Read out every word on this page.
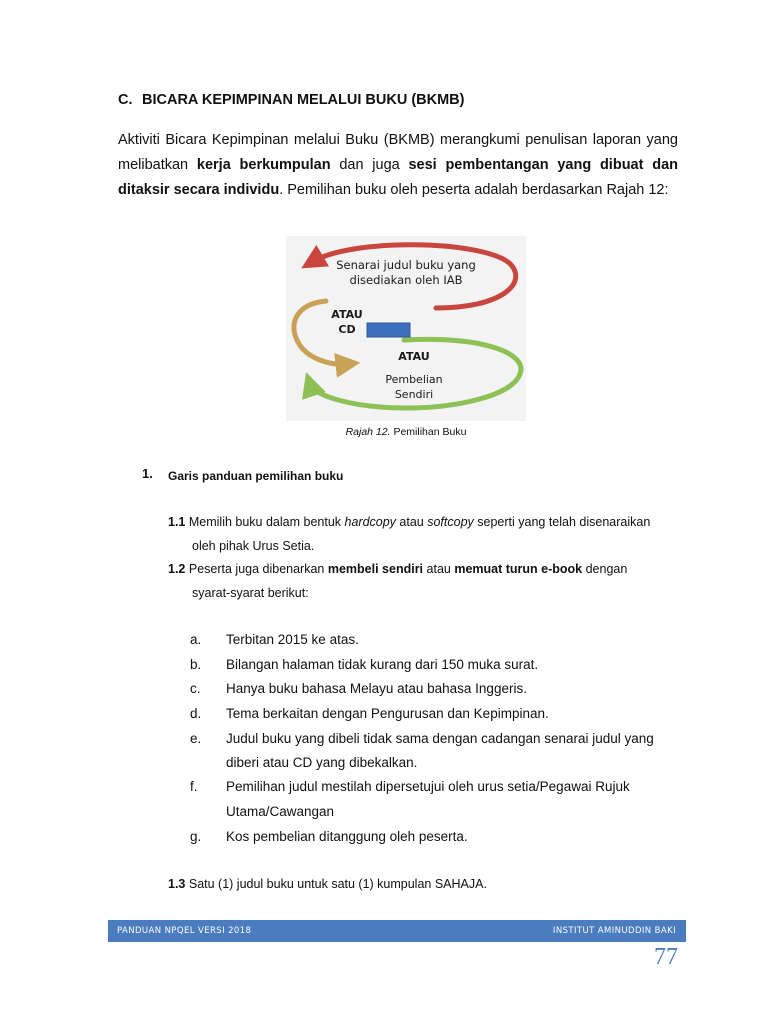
C. BICARA KEPIMPINAN MELALUI BUKU (BKMB)

Aktiviti Bicara Kepimpinan melalui Buku (BKMB) merangkumi penulisan laporan yang melibatkan kerja berkumpulan dan juga sesi pembentangan yang dibuat dan ditaksir secara individu. Pemilihan buku oleh peserta adalah berdasarkan Rajah 12:

Senarai judul buku yang
disediakan oleh IAB

ATAU
CD

ATAU

Pembelian
Sendiri

Rajah 12. Pemilihan Buku

1. Garis panduan pemilihan buku

1.1 Memilih buku dalam bentuk hardcopy atau softcopy seperti yang telah disenaraikan

oleh pihak Urus Setia.

1.2 Peserta juga dibenarkan membeli sendiri atau memuat turun e-book dengan

syarat-syarat berikut:

a. Terbitan 2015 ke atas.
b. Bilangan halaman tidak kurang dari 150 muka surat.
c. Hanya buku bahasa Melayu atau bahasa Inggeris.
d. Tema berkaitan dengan Pengurusan dan Kepimpinan.
e. Judul buku yang dibeli tidak sama dengan cadangan senarai judul yang
diberi atau CD yang dibekalkan.
f. Pemilihan judul mestilah dipersetujui oleh urus setia/Pegawai Rujuk
Utama/Cawangan
g. Kos pembelian ditanggung oleh peserta.

1.3 Satu (1) judul buku untuk satu (1) kumpulan SAHAJA.

PANDUAN NPQEL VERSI 2018	INSTITUT AMINUDDIN BAKI

77
